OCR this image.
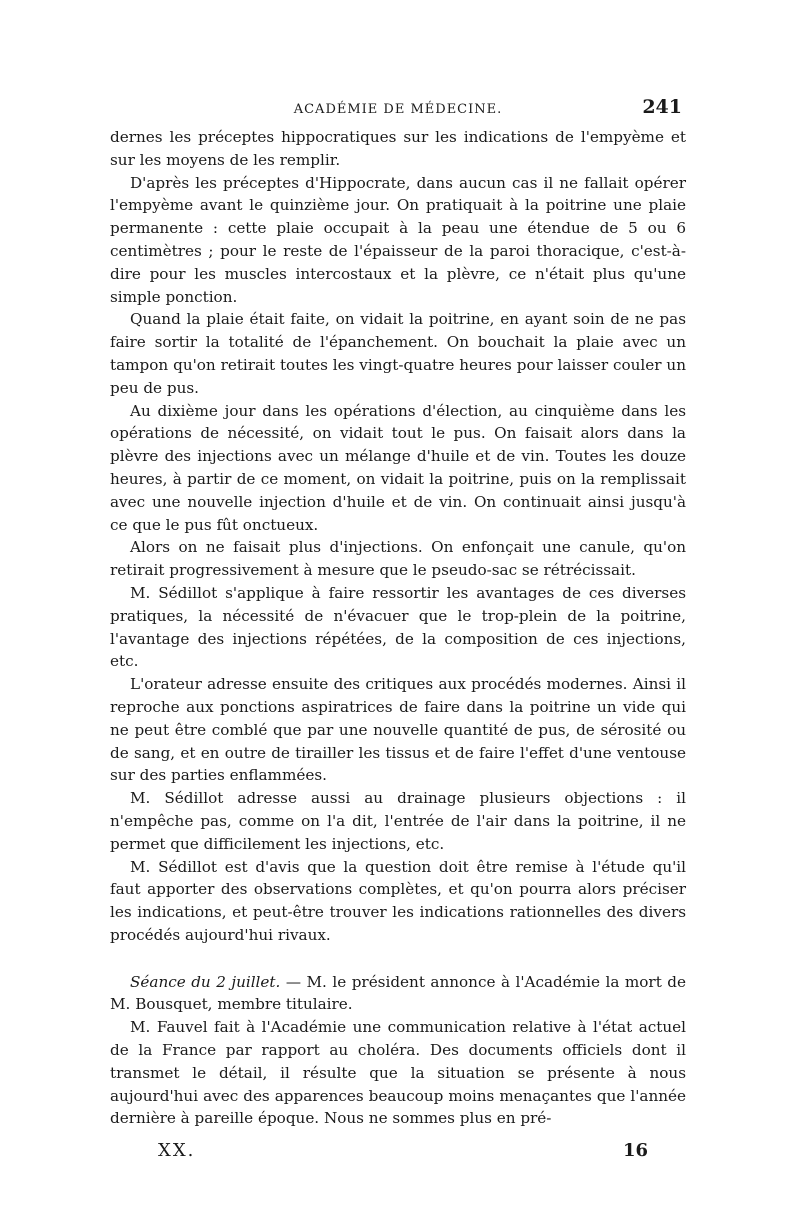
ACADÉMIE DE MÉDECINE.	241

dernes les préceptes hippocratiques sur les indications de l'empyème et sur les moyens de les remplir.

D'après les préceptes d'Hippocrate, dans aucun cas il ne fallait opérer l'empyème avant le quinzième jour. On pratiquait à la poitrine une plaie permanente : cette plaie occupait à la peau une étendue de 5 ou 6 centimètres ; pour le reste de l'épaisseur de la paroi thoracique, c'est-à-dire pour les muscles intercostaux et la plèvre, ce n'était plus qu'une simple ponction.

Quand la plaie était faite, on vidait la poitrine, en ayant soin de ne pas faire sortir la totalité de l'épanchement. On bouchait la plaie avec un tampon qu'on retirait toutes les vingt-quatre heures pour laisser couler un peu de pus.

Au dixième jour dans les opérations d'élection, au cinquième dans les opérations de nécessité, on vidait tout le pus. On faisait alors dans la plèvre des injections avec un mélange d'huile et de vin. Toutes les douze heures, à partir de ce moment, on vidait la poitrine, puis on la remplissait avec une nouvelle injection d'huile et de vin. On continuait ainsi jusqu'à ce que le pus fût onctueux.

Alors on ne faisait plus d'injections. On enfonçait une canule, qu'on retirait progressivement à mesure que le pseudo-sac se rétrécissait.

M. Sédillot s'applique à faire ressortir les avantages de ces diverses pratiques, la nécessité de n'évacuer que le trop-plein de la poitrine, l'avantage des injections répétées, de la composition de ces injections, etc.

L'orateur adresse ensuite des critiques aux procédés modernes. Ainsi il reproche aux ponctions aspiratrices de faire dans la poitrine un vide qui ne peut être comblé que par une nouvelle quantité de pus, de sérosité ou de sang, et en outre de tirailler les tissus et de faire l'effet d'une ventouse sur des parties enflammées.

M. Sédillot adresse aussi au drainage plusieurs objections : il n'empêche pas, comme on l'a dit, l'entrée de l'air dans la poitrine, il ne permet que difficilement les injections, etc.

M. Sédillot est d'avis que la question doit être remise à l'étude qu'il faut apporter des observations complètes, et qu'on pourra alors préciser les indications, et peut-être trouver les indications rationnelles des divers procédés aujourd'hui rivaux.

Séance du 2 juillet. — M. le président annonce à l'Académie la mort de M. Bousquet, membre titulaire.

M. Fauvel fait à l'Académie une communication relative à l'état actuel de la France par rapport au choléra. Des documents officiels dont il transmet le détail, il résulte que la situation se présente à nous aujourd'hui avec des apparences beaucoup moins menaçantes que l'année dernière à pareille époque. Nous ne sommes plus en pré-

XX.	16
